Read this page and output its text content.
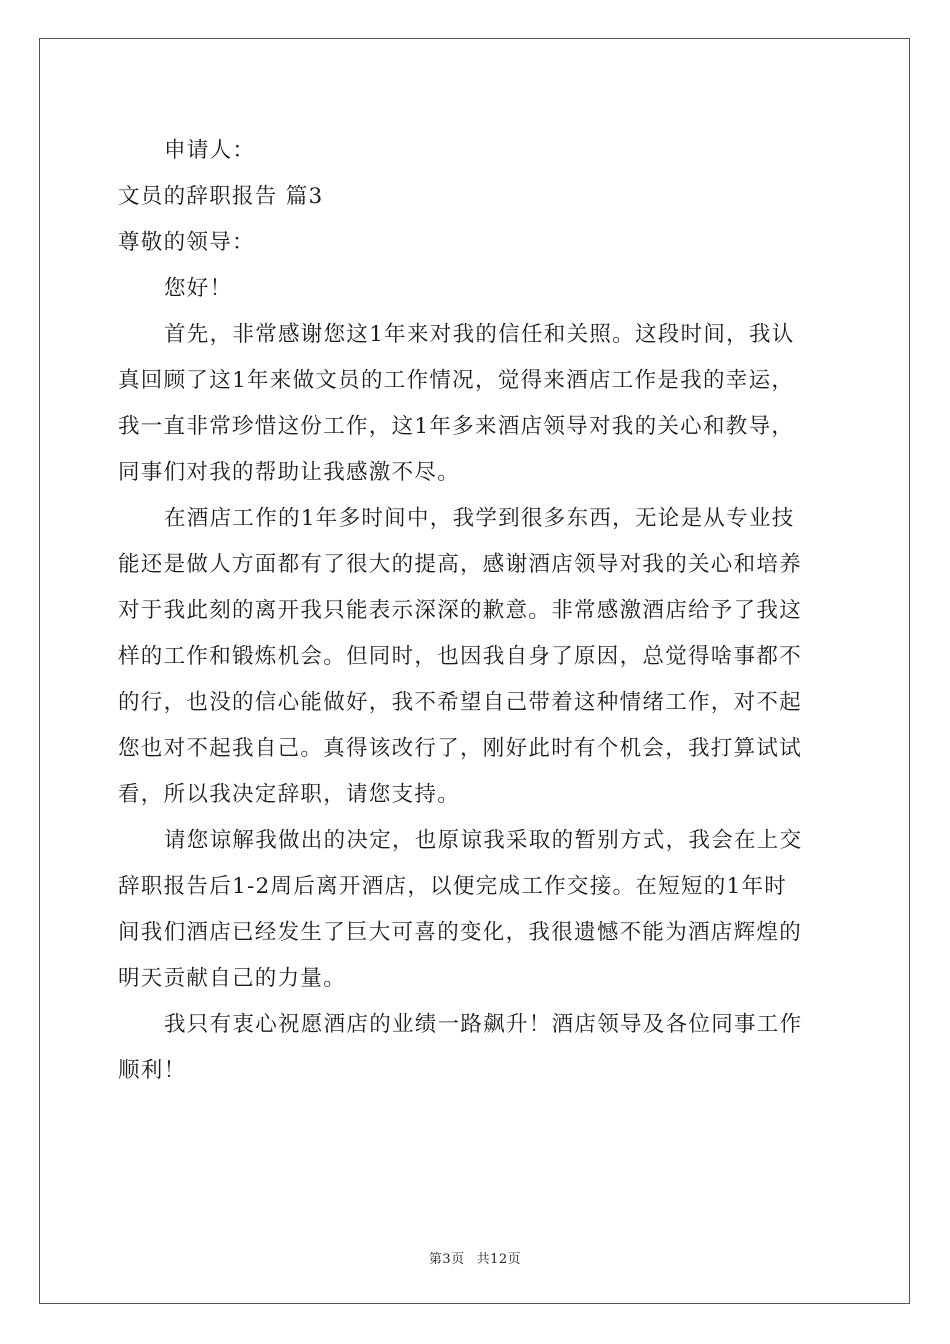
申请人：
文员的辞职报告 篇3
尊敬的领导：
您好！
首先，非常感谢您这1年来对我的信任和关照。这段时间，我认
真回顾了这1年来做文员的工作情况，觉得来酒店工作是我的幸运，
我一直非常珍惜这份工作，这1年多来酒店领导对我的关心和教导，
同事们对我的帮助让我感激不尽。
在酒店工作的1年多时间中，我学到很多东西，无论是从专业技
能还是做人方面都有了很大的提高，感谢酒店领导对我的关心和培养
对于我此刻的离开我只能表示深深的歉意。非常感激酒店给予了我这
样的工作和锻炼机会。但同时，也因我自身了原因，总觉得啥事都不
的行，也没的信心能做好，我不希望自己带着这种情绪工作，对不起
您也对不起我自己。真得该改行了，刚好此时有个机会，我打算试试
看，所以我决定辞职，请您支持。
请您谅解我做出的决定，也原谅我采取的暂别方式，我会在上交
辞职报告后1-2周后离开酒店，以便完成工作交接。在短短的1年时
间我们酒店已经发生了巨大可喜的变化，我很遗憾不能为酒店辉煌的
明天贡献自己的力量。
我只有衷心祝愿酒店的业绩一路飙升！酒店领导及各位同事工作
顺利！
第3页 共12页
